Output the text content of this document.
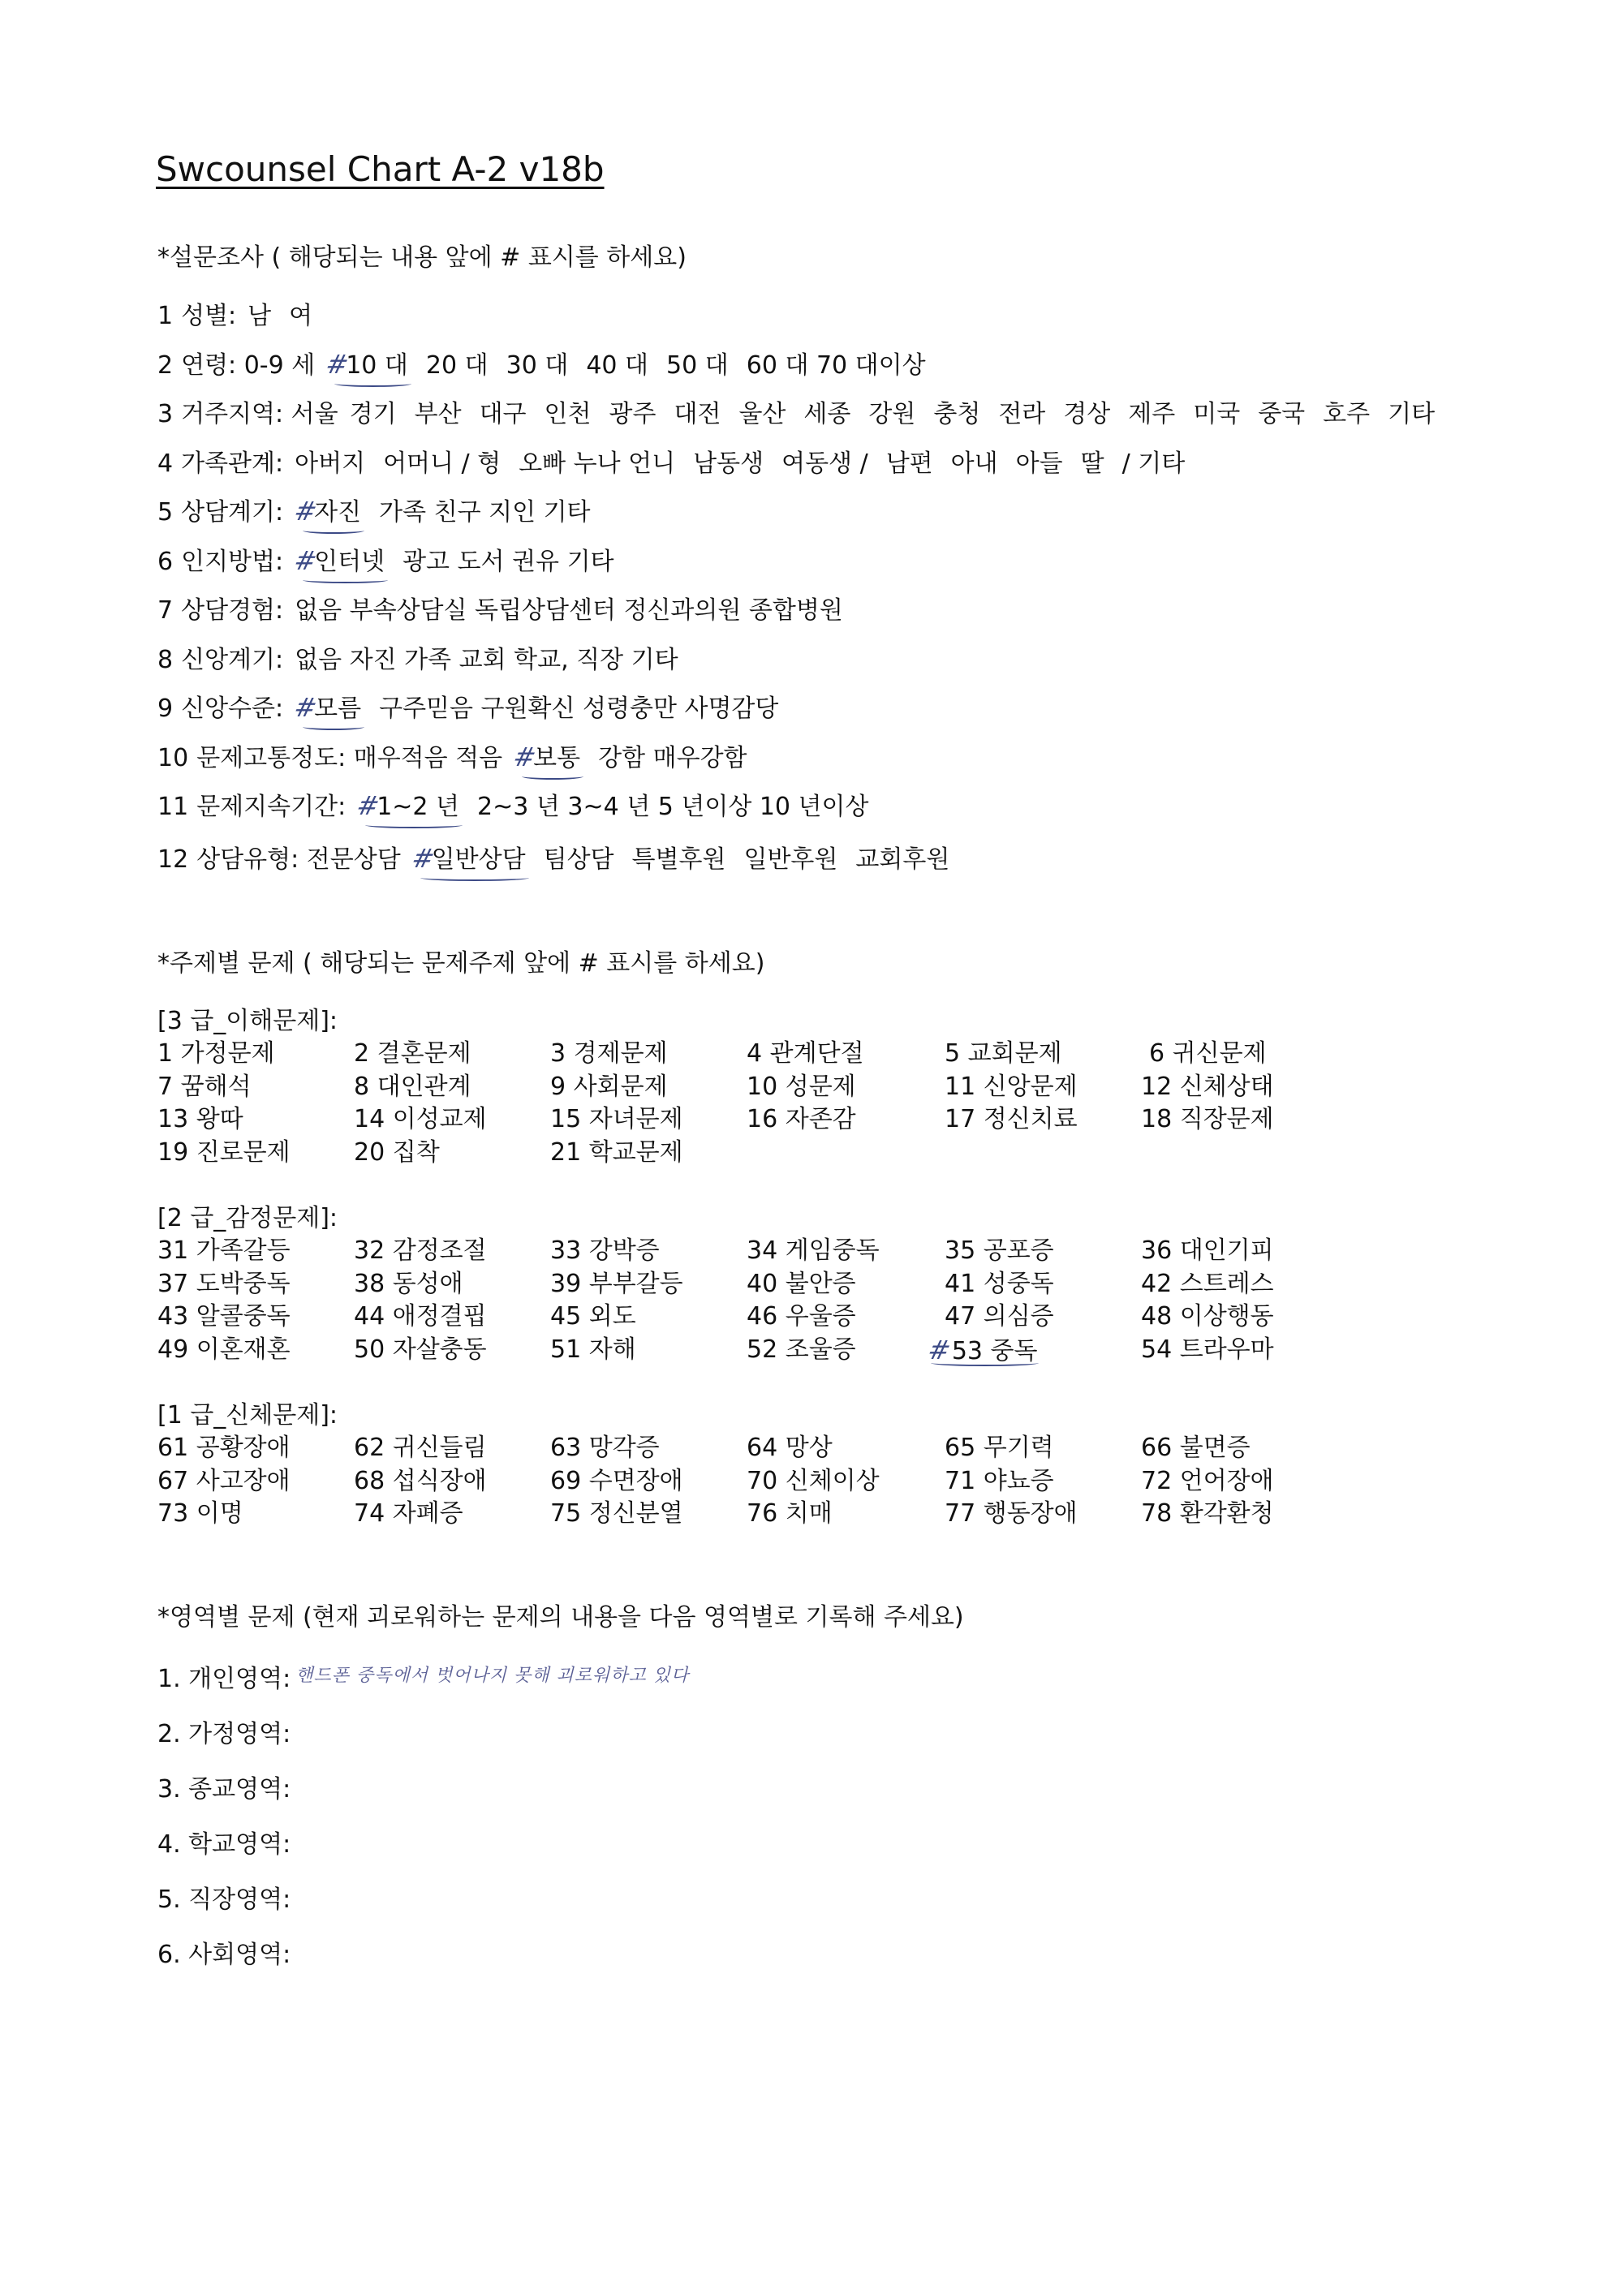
Swcounsel Chart A-2 v18b
*설문조사 ( 해당되는 내용 앞에 # 표시를 하세요)
1 성별: 남 여
2 연령: 0-9 세	# 10 대 20 대 30 대 40 대 50 대 60 대 70 대이상
3 거주지역: 서울 경기 부산 대구 인천 광주 대전 울산 세종 강원 충청 전라 경상 제주 미국 중국 호주 기타
4 가족관계: 아버지 어머니 / 형 오빠 누나 언니 남동생 여동생 / 남편 아내 아들 딸 / 기타
5 상담계기:	# 자진 가족 친구 지인 기타
6 인지방법:	# 인터넷 광고 도서 권유 기타
7 상담경험: 없음 부속상담실 독립상담센터 정신과의원 종합병원
8 신앙계기: 없음 자진 가족 교회 학교, 직장 기타
9 신앙수준:	# 모름 구주믿음 구원확신 성령충만 사명감당
10 문제고통정도: 매우적음 적음	# 보통 강함 매우강함
11 문제지속기간:	# 1~2 년 2~3 년 3~4 년 5 년이상 10 년이상
12 상담유형: 전문상담	# 일반상담 팀상담 특별후원 일반후원 교회후원
*주제별 문제 ( 해당되는 문제주제 앞에 # 표시를 하세요)
[3 급_이해문제]:
1 가정문제	2 결혼문제	3 경제문제	4 관계단절	5 교회문제	6 귀신문제
7 꿈해석	8 대인관계	9 사회문제	10 성문제	11 신앙문제	12 신체상태
13 왕따	14 이성교제	15 자녀문제	16 자존감	17 정신치료	18 직장문제
19 진로문제	20 집착	21 학교문제
[2 급_감정문제]:
31 가족갈등	32 감정조절	33 강박증	34 게임중독	35 공포증	36 대인기피
37 도박중독	38 동성애	39 부부갈등	40 불안증	41 성중독	42 스트레스
43 알콜중독	44 애정결핍	45 외도	46 우울증	47 의심증	48 이상행동
49 이혼재혼	50 자살충동	51 자해	52 조울증	#53 중독	54 트라우마
[1 급_신체문제]:
61 공황장애	62 귀신들림	63 망각증	64 망상	65 무기력	66 불면증
67 사고장애	68 섭식장애	69 수면장애	70 신체이상	71 야뇨증	72 언어장애
73 이명	74 자폐증	75 정신분열	76 치매	77 행동장애	78 환각환청
*영역별 문제 (현재 괴로워하는 문제의 내용을 다음 영역별로 기록해 주세요)
1. 개인영역: 핸드폰 중독에서 벗어나지 못해 괴로워하고 있다
2. 가정영역:
3. 종교영역:
4. 학교영역:
5. 직장영역:
6. 사회영역:
